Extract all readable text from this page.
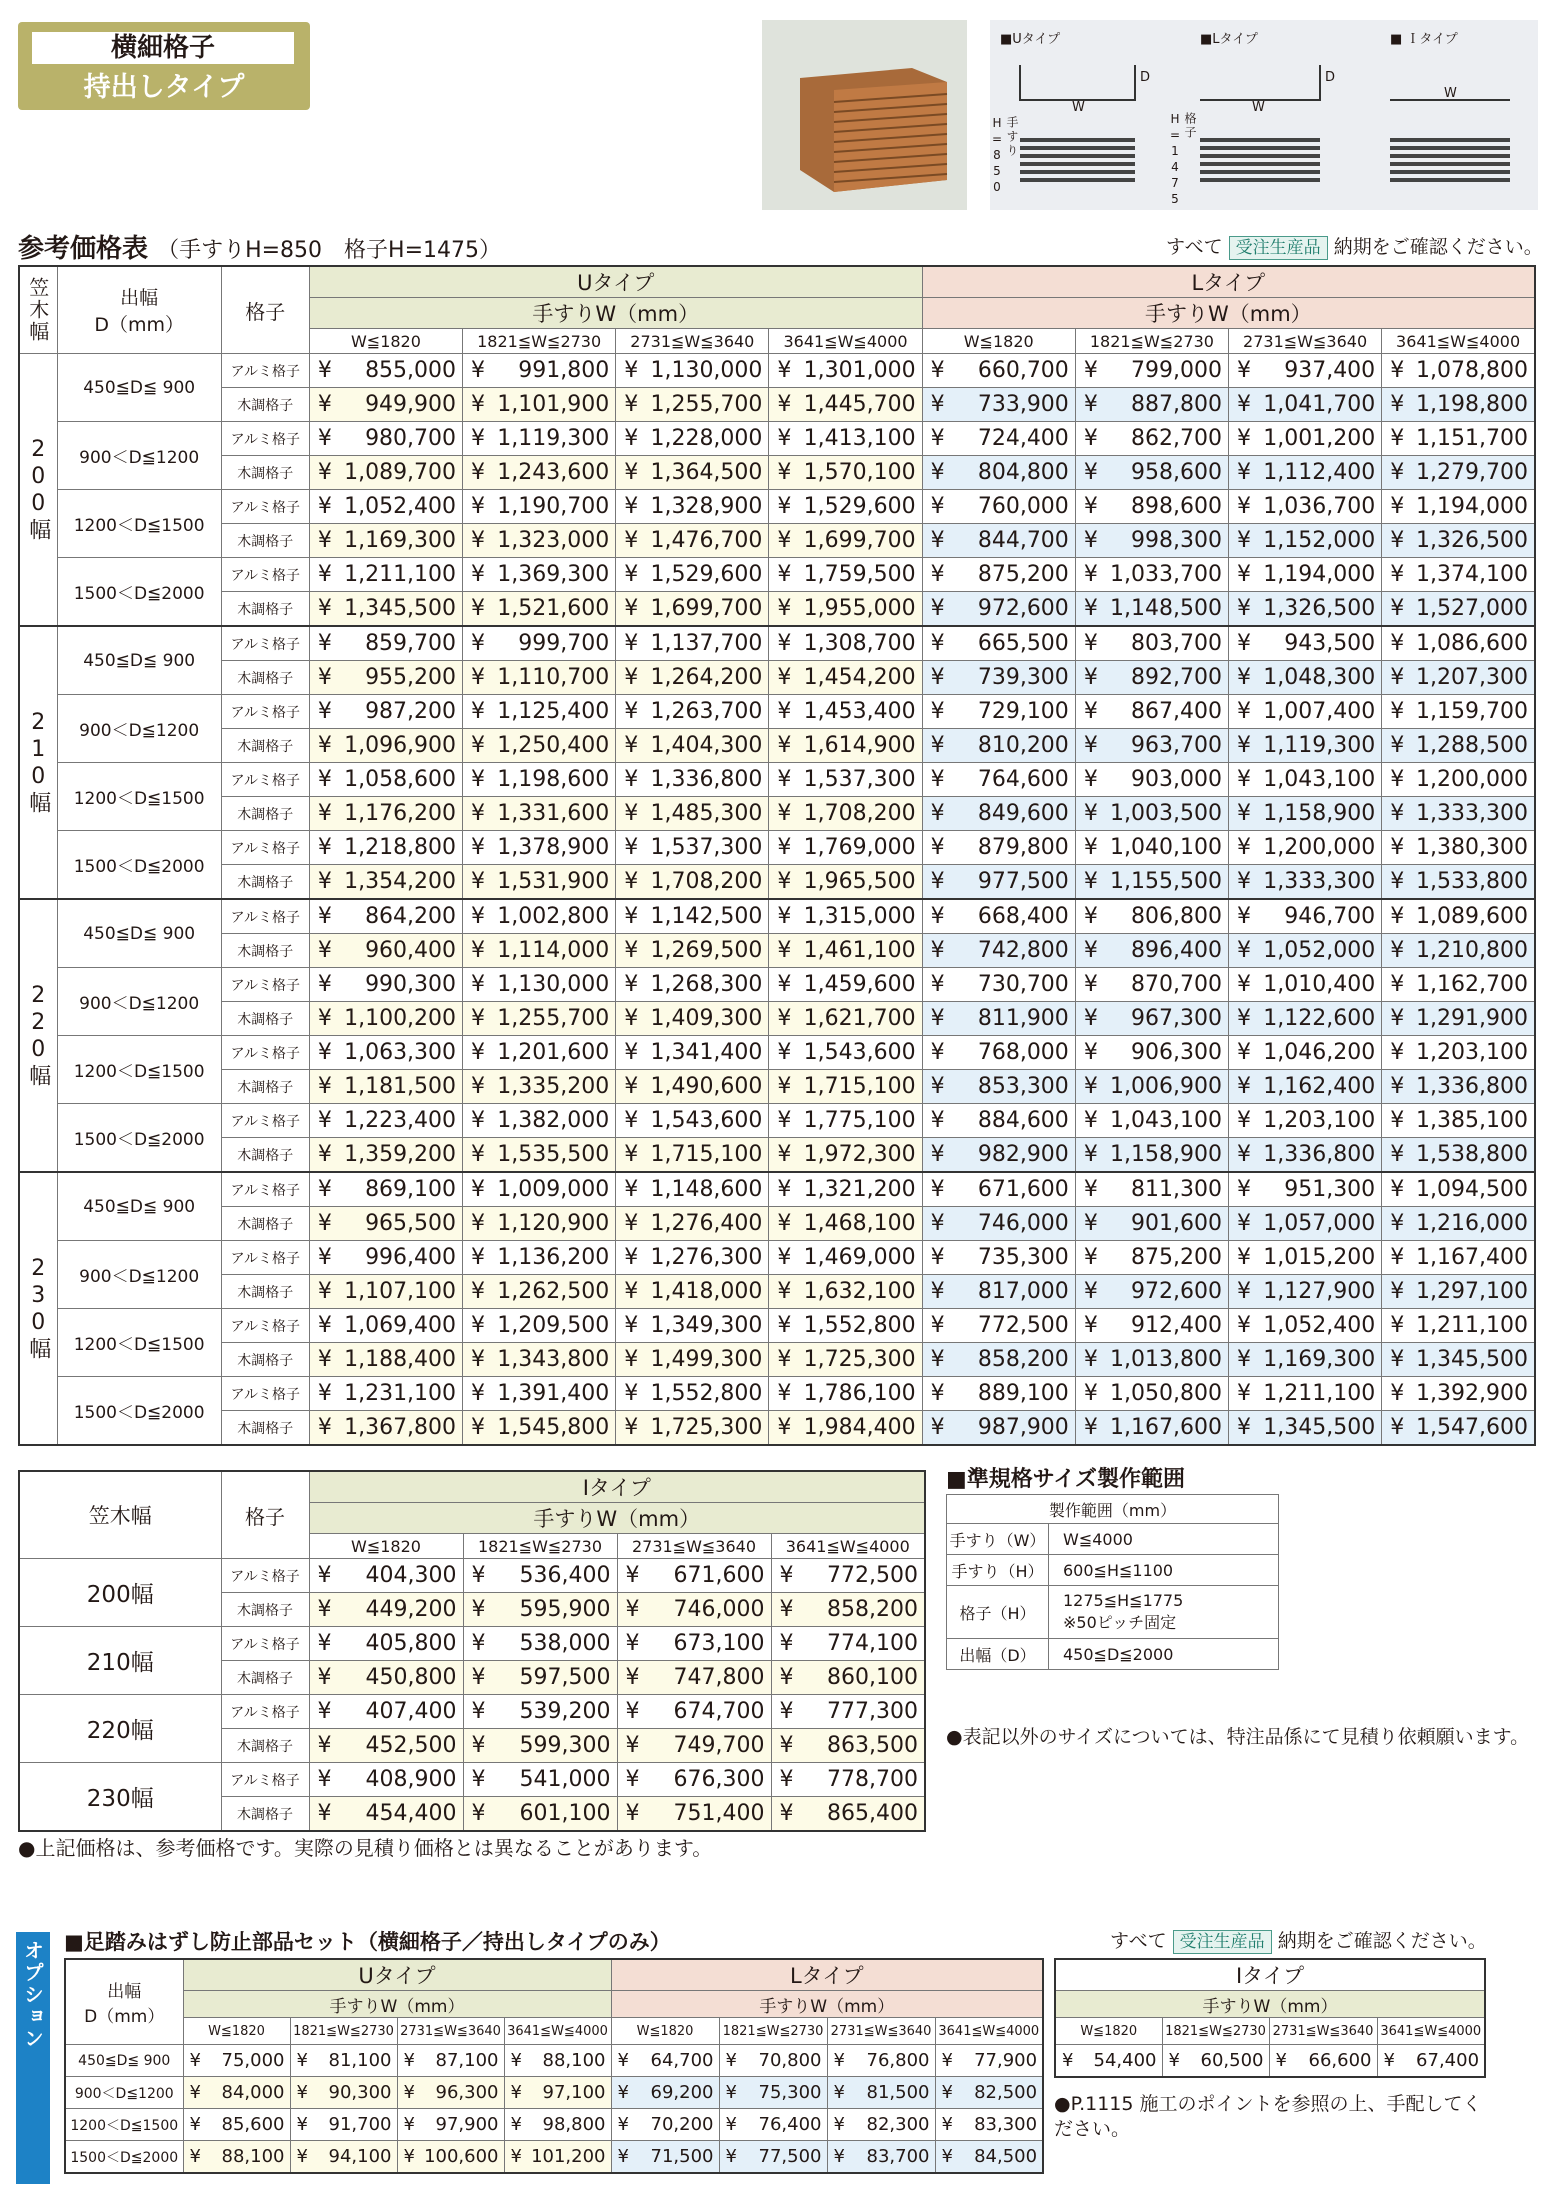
横細格子
持出しタイプ
■Uタイプ	■Lタイプ	■ Ｉタイプ
W
D
W
D
W
手すりH=850	格子H=1475
参考価格表 （手すりH=850　格子H=1475）	すべて 受注生産品 納期をご確認ください。
笠木幅	出幅
D（mm）	格子	Uタイプ				Lタイプ			
			手すりW（mm）				手すりW（mm）			
			W≦1820	1821≦W≦2730	2731≦W≦3640	3641≦W≦4000	W≦1820	1821≦W≦2730	2731≦W≦3640	3641≦W≦4000
200幅	450≦D≦ 900	アルミ格子	¥ 855,000	¥ 991,800	¥ 1,130,000	¥ 1,301,000	¥ 660,700	¥ 799,000	¥ 937,400	¥ 1,078,800
		木調格子	¥ 949,900	¥ 1,101,900	¥ 1,255,700	¥ 1,445,700	¥ 733,900	¥ 887,800	¥ 1,041,700	¥ 1,198,800
	900＜D≦1200	アルミ格子	¥ 980,700	¥ 1,119,300	¥ 1,228,000	¥ 1,413,100	¥ 724,400	¥ 862,700	¥ 1,001,200	¥ 1,151,700
		木調格子	¥ 1,089,700	¥ 1,243,600	¥ 1,364,500	¥ 1,570,100	¥ 804,800	¥ 958,600	¥ 1,112,400	¥ 1,279,700
	1200＜D≦1500	アルミ格子	¥ 1,052,400	¥ 1,190,700	¥ 1,328,900	¥ 1,529,600	¥ 760,000	¥ 898,600	¥ 1,036,700	¥ 1,194,000
		木調格子	¥ 1,169,300	¥ 1,323,000	¥ 1,476,700	¥ 1,699,700	¥ 844,700	¥ 998,300	¥ 1,152,000	¥ 1,326,500
	1500＜D≦2000	アルミ格子	¥ 1,211,100	¥ 1,369,300	¥ 1,529,600	¥ 1,759,500	¥ 875,200	¥ 1,033,700	¥ 1,194,000	¥ 1,374,100
		木調格子	¥ 1,345,500	¥ 1,521,600	¥ 1,699,700	¥ 1,955,000	¥ 972,600	¥ 1,148,500	¥ 1,326,500	¥ 1,527,000
210幅	450≦D≦ 900	アルミ格子	¥ 859,700	¥ 999,700	¥ 1,137,700	¥ 1,308,700	¥ 665,500	¥ 803,700	¥ 943,500	¥ 1,086,600
		木調格子	¥ 955,200	¥ 1,110,700	¥ 1,264,200	¥ 1,454,200	¥ 739,300	¥ 892,700	¥ 1,048,300	¥ 1,207,300
	900＜D≦1200	アルミ格子	¥ 987,200	¥ 1,125,400	¥ 1,263,700	¥ 1,453,400	¥ 729,100	¥ 867,400	¥ 1,007,400	¥ 1,159,700
		木調格子	¥ 1,096,900	¥ 1,250,400	¥ 1,404,300	¥ 1,614,900	¥ 810,200	¥ 963,700	¥ 1,119,300	¥ 1,288,500
	1200＜D≦1500	アルミ格子	¥ 1,058,600	¥ 1,198,600	¥ 1,336,800	¥ 1,537,300	¥ 764,600	¥ 903,000	¥ 1,043,100	¥ 1,200,000
		木調格子	¥ 1,176,200	¥ 1,331,600	¥ 1,485,300	¥ 1,708,200	¥ 849,600	¥ 1,003,500	¥ 1,158,900	¥ 1,333,300
	1500＜D≦2000	アルミ格子	¥ 1,218,800	¥ 1,378,900	¥ 1,537,300	¥ 1,769,000	¥ 879,800	¥ 1,040,100	¥ 1,200,000	¥ 1,380,300
		木調格子	¥ 1,354,200	¥ 1,531,900	¥ 1,708,200	¥ 1,965,500	¥ 977,500	¥ 1,155,500	¥ 1,333,300	¥ 1,533,800
220幅	450≦D≦ 900	アルミ格子	¥ 864,200	¥ 1,002,800	¥ 1,142,500	¥ 1,315,000	¥ 668,400	¥ 806,800	¥ 946,700	¥ 1,089,600
		木調格子	¥ 960,400	¥ 1,114,000	¥ 1,269,500	¥ 1,461,100	¥ 742,800	¥ 896,400	¥ 1,052,000	¥ 1,210,800
	900＜D≦1200	アルミ格子	¥ 990,300	¥ 1,130,000	¥ 1,268,300	¥ 1,459,600	¥ 730,700	¥ 870,700	¥ 1,010,400	¥ 1,162,700
		木調格子	¥ 1,100,200	¥ 1,255,700	¥ 1,409,300	¥ 1,621,700	¥ 811,900	¥ 967,300	¥ 1,122,600	¥ 1,291,900
	1200＜D≦1500	アルミ格子	¥ 1,063,300	¥ 1,201,600	¥ 1,341,400	¥ 1,543,600	¥ 768,000	¥ 906,300	¥ 1,046,200	¥ 1,203,100
		木調格子	¥ 1,181,500	¥ 1,335,200	¥ 1,490,600	¥ 1,715,100	¥ 853,300	¥ 1,006,900	¥ 1,162,400	¥ 1,336,800
	1500＜D≦2000	アルミ格子	¥ 1,223,400	¥ 1,382,000	¥ 1,543,600	¥ 1,775,100	¥ 884,600	¥ 1,043,100	¥ 1,203,100	¥ 1,385,100
		木調格子	¥ 1,359,200	¥ 1,535,500	¥ 1,715,100	¥ 1,972,300	¥ 982,900	¥ 1,158,900	¥ 1,336,800	¥ 1,538,800
230幅	450≦D≦ 900	アルミ格子	¥ 869,100	¥ 1,009,000	¥ 1,148,600	¥ 1,321,200	¥ 671,600	¥ 811,300	¥ 951,300	¥ 1,094,500
		木調格子	¥ 965,500	¥ 1,120,900	¥ 1,276,400	¥ 1,468,100	¥ 746,000	¥ 901,600	¥ 1,057,000	¥ 1,216,000
	900＜D≦1200	アルミ格子	¥ 996,400	¥ 1,136,200	¥ 1,276,300	¥ 1,469,000	¥ 735,300	¥ 875,200	¥ 1,015,200	¥ 1,167,400
		木調格子	¥ 1,107,100	¥ 1,262,500	¥ 1,418,000	¥ 1,632,100	¥ 817,000	¥ 972,600	¥ 1,127,900	¥ 1,297,100
	1200＜D≦1500	アルミ格子	¥ 1,069,400	¥ 1,209,500	¥ 1,349,300	¥ 1,552,800	¥ 772,500	¥ 912,400	¥ 1,052,400	¥ 1,211,100
		木調格子	¥ 1,188,400	¥ 1,343,800	¥ 1,499,300	¥ 1,725,300	¥ 858,200	¥ 1,013,800	¥ 1,169,300	¥ 1,345,500
	1500＜D≦2000	アルミ格子	¥ 1,231,100	¥ 1,391,400	¥ 1,552,800	¥ 1,786,100	¥ 889,100	¥ 1,050,800	¥ 1,211,100	¥ 1,392,900
		木調格子	¥ 1,367,800	¥ 1,545,800	¥ 1,725,300	¥ 1,984,400	¥ 987,900	¥ 1,167,600	¥ 1,345,500	¥ 1,547,600
笠木幅	格子	Iタイプ			
		手すりW（mm）			
		W≦1820	1821≦W≦2730	2731≦W≦3640	3641≦W≦4000
200幅	アルミ格子	¥ 404,300	¥ 536,400	¥ 671,600	¥ 772,500
	木調格子	¥ 449,200	¥ 595,900	¥ 746,000	¥ 858,200
210幅	アルミ格子	¥ 405,800	¥ 538,000	¥ 673,100	¥ 774,100
	木調格子	¥ 450,800	¥ 597,500	¥ 747,800	¥ 860,100
220幅	アルミ格子	¥ 407,400	¥ 539,200	¥ 674,700	¥ 777,300
	木調格子	¥ 452,500	¥ 599,300	¥ 749,700	¥ 863,500
230幅	アルミ格子	¥ 408,900	¥ 541,000	¥ 676,300	¥ 778,700
	木調格子	¥ 454,400	¥ 601,100	¥ 751,400	¥ 865,400
●上記価格は、参考価格です。実際の見積り価格とは異なることがあります。
■準規格サイズ製作範囲
製作範囲（mm）	
手すり（W）	W≦4000

手すり（H）	600≦H≦1100

格子（H）	1275≦H≦1775
※50ピッチ固定

出幅（D）	450≦D≦2000
●表記以外のサイズについては、特注品係にて見積り依頼願います。
オプション ■足踏みはずし防止部品セット（横細格子／持出しタイプのみ）	すべて 受注生産品 納期をご確認ください。
出幅
D（mm）	Uタイプ				Lタイプ			
	手すりW（mm）				手すりW（mm）			
	W≦1820	1821≦W≦2730	2731≦W≦3640	3641≦W≦4000	W≦1820	1821≦W≦2730	2731≦W≦3640	3641≦W≦4000
450≦D≦ 900	¥ 75,000	¥ 81,100	¥ 87,100	¥ 88,100	¥ 64,700	¥ 70,800	¥ 76,800	¥ 77,900
900＜D≦1200	¥ 84,000	¥ 90,300	¥ 96,300	¥ 97,100	¥ 69,200	¥ 75,300	¥ 81,500	¥ 82,500
1200＜D≦1500	¥ 85,600	¥ 91,700	¥ 97,900	¥ 98,800	¥ 70,200	¥ 76,400	¥ 82,300	¥ 83,300
1500＜D≦2000	¥ 88,100	¥ 94,100	¥ 100,600	¥ 101,200	¥ 71,500	¥ 77,500	¥ 83,700	¥ 84,500
Iタイプ			
手すりW（mm）			
W≦1820	1821≦W≦2730	2731≦W≦3640	3641≦W≦4000

¥ 54,400	¥ 60,500	¥ 66,600	¥ 67,400
●P.1115 施工のポイントを参照の上、手配してください。
